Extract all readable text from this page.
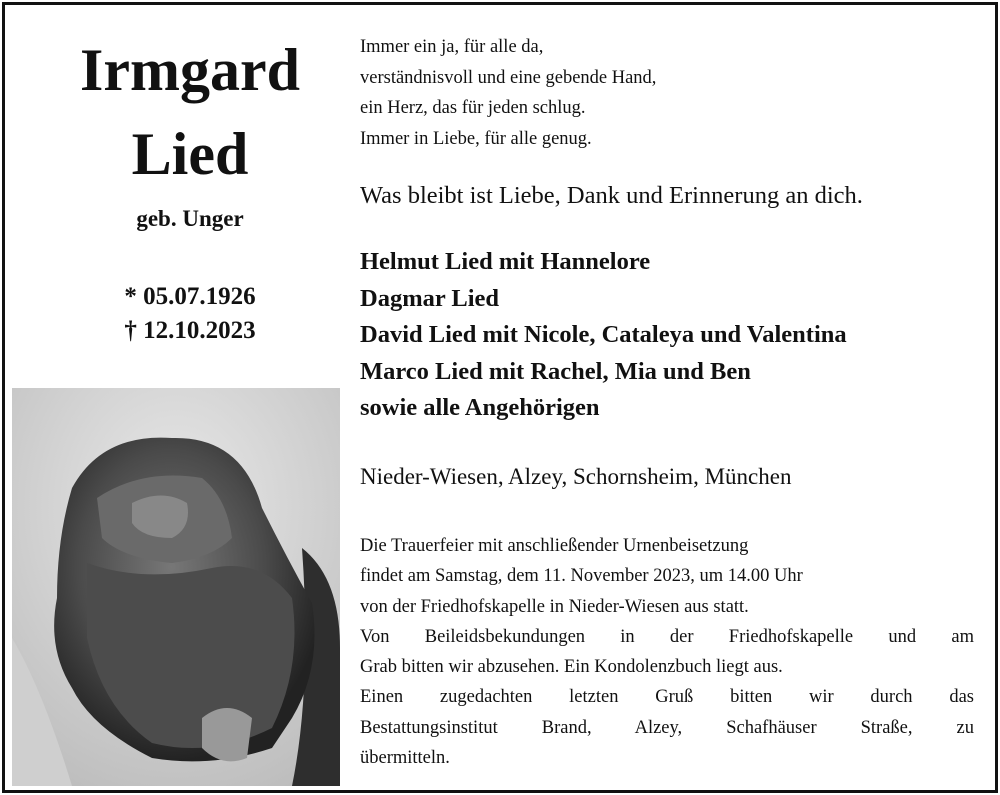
Irmgard
Lied
geb. Unger
* 05.07.1926
† 12.10.2023
Immer ein ja, für alle da,
verständnisvoll und eine gebende Hand,
ein Herz, das für jeden schlug.
Immer in Liebe, für alle genug.
Was bleibt ist Liebe, Dank und Erinnerung an dich.
Helmut Lied mit Hannelore
Dagmar Lied
David Lied mit Nicole, Cataleya und Valentina
Marco Lied mit Rachel, Mia und Ben
sowie alle Angehörigen
Nieder-Wiesen, Alzey, Schornsheim, München
Die Trauerfeier mit anschließender Urnenbeisetzung
findet am Samstag, dem 11. November 2023, um 14.00 Uhr
von der Friedhofskapelle in Nieder-Wiesen aus statt.
Von Beileidsbekundungen in der Friedhofskapelle und am
Grab bitten wir abzusehen. Ein Kondolenzbuch liegt aus.
Einen zugedachten letzten Gruß bitten wir durch das
Bestattungsinstitut Brand, Alzey, Schafhäuser Straße, zu
übermitteln.
